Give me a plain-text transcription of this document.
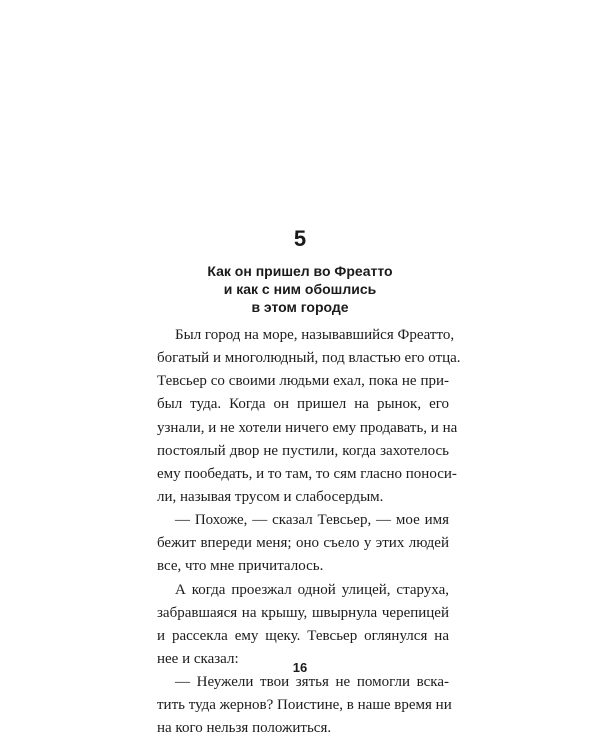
5
Как он пришел во Фреатто
и как с ним обошлись
в этом городе
Был город на море, называвшийся Фреатто,
богатый и многолюдный, под властью его отца.
Тевсьер со своими людьми ехал, пока не при-
был туда. Когда он пришел на рынок, его
узнали, и не хотели ничего ему продавать, и на
постоялый двор не пустили, когда захотелось
ему пообедать, и то там, то сям гласно поноси-
ли, называя трусом и слабосердым.
— Похоже, — сказал Тевсьер, — мое имя
бежит впереди меня; оно съело у этих людей
все, что мне причиталось.
А когда проезжал одной улицей, старуха,
забравшаяся на крышу, швырнула черепицей
и рассекла ему щеку. Тевсьер оглянулся на
нее и сказал:
— Неужели твои зятья не помогли вска-
тить туда жернов? Поистине, в наше время ни
на кого нельзя положиться.
16
